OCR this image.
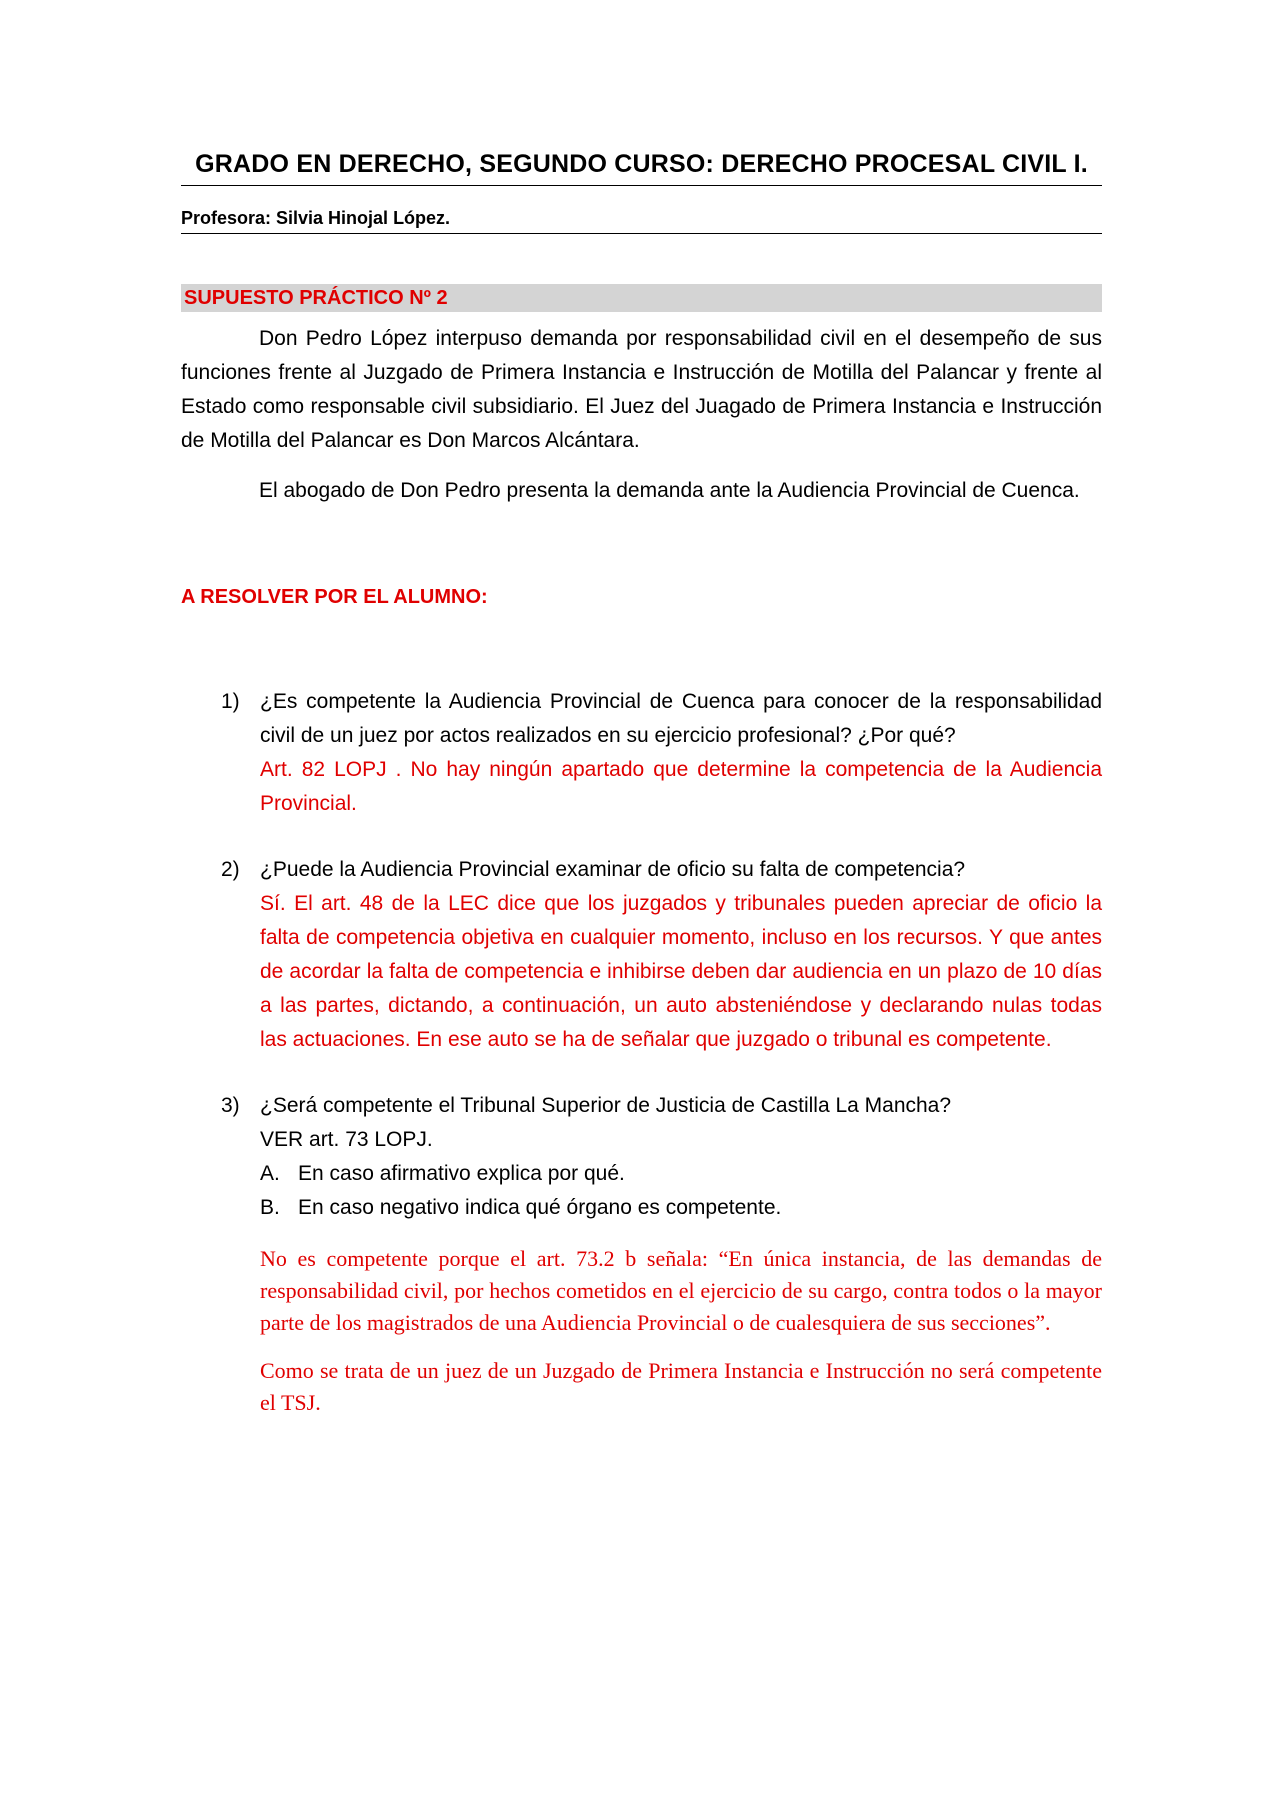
GRADO EN DERECHO, SEGUNDO CURSO: DERECHO PROCESAL CIVIL I.
Profesora: Silvia Hinojal López.
SUPUESTO PRÁCTICO Nº 2

Don Pedro López interpuso demanda por responsabilidad civil en el desempeño de sus funciones frente al Juzgado de Primera Instancia e Instrucción de Motilla del Palancar y frente al Estado como responsable civil subsidiario. El Juez del Juagado de Primera Instancia e Instrucción de Motilla del Palancar es Don Marcos Alcántara.

El abogado de Don Pedro presenta la demanda ante la Audiencia Provincial de Cuenca.

A RESOLVER POR EL ALUMNO:
1) ¿Es competente la Audiencia Provincial de Cuenca para conocer de la responsabilidad civil de un juez por actos realizados en su ejercicio profesional? ¿Por qué?
Art. 82 LOPJ . No hay ningún apartado que determine la competencia de la Audiencia Provincial.
2) ¿Puede la Audiencia Provincial examinar de oficio su falta de competencia?
Sí. El art. 48 de la LEC dice que los juzgados y tribunales pueden apreciar de oficio la falta de competencia objetiva en cualquier momento, incluso en los recursos. Y que antes de acordar la falta de competencia e inhibirse deben dar audiencia en un plazo de 10 días a las partes, dictando, a continuación, un auto absteniéndose y declarando nulas todas las actuaciones. En ese auto se ha de señalar que juzgado o tribunal es competente.
3) ¿Será competente el Tribunal Superior de Justicia de Castilla La Mancha?
VER art. 73 LOPJ.
A. En caso afirmativo explica por qué.
B. En caso negativo indica qué órgano es competente.
No es competente porque el art. 73.2 b señala: “En única instancia, de las demandas de responsabilidad civil, por hechos cometidos en el ejercicio de su cargo, contra todos o la mayor parte de los magistrados de una Audiencia Provincial o de cualesquiera de sus secciones”.
Como se trata de un juez de un Juzgado de Primera Instancia e Instrucción no será competente el TSJ.
